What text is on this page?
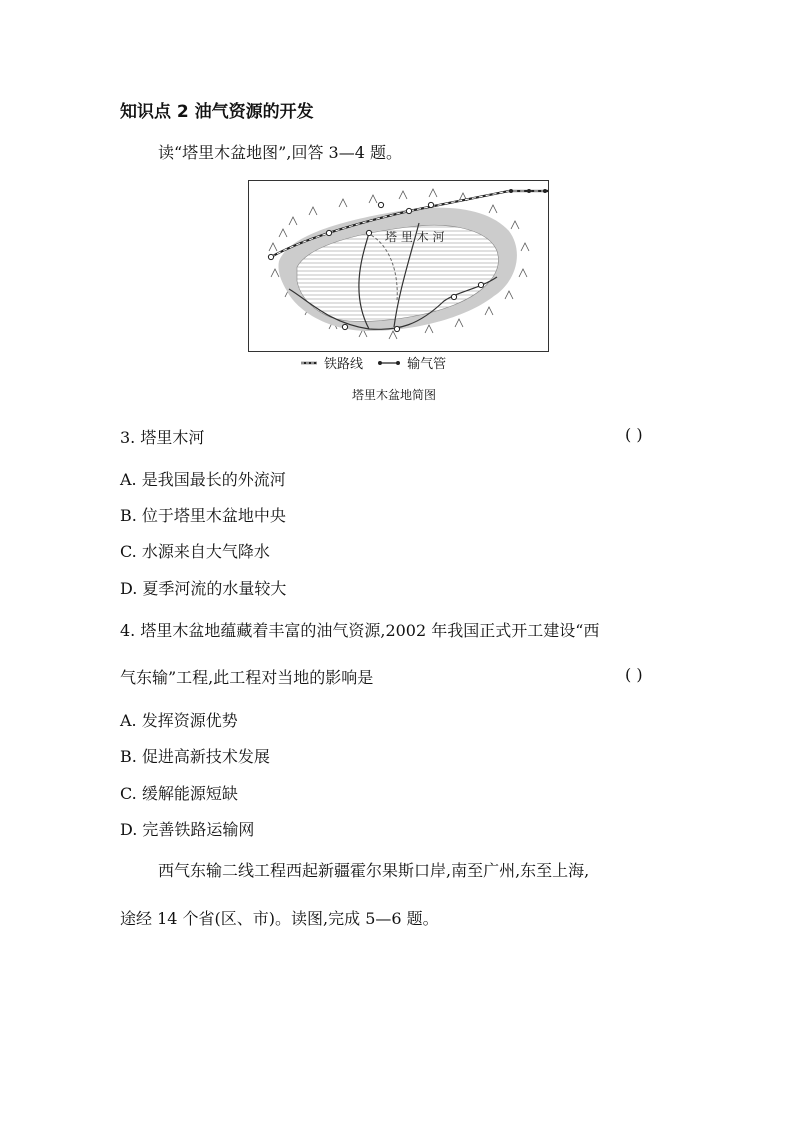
知识点 2 油气资源的开发
读“塔里木盆地图”,回答 3—4 题。
塔 里 木 河
铁路线
	输气管
塔里木盆地简图
3. 塔里木河	( )
A. 是我国最长的外流河
B. 位于塔里木盆地中央
C. 水源来自大气降水
D. 夏季河流的水量较大
4. 塔里木盆地蕴藏着丰富的油气资源,2002 年我国正式开工建设“西
气东输”工程,此工程对当地的影响是	( )
A. 发挥资源优势
B. 促进高新技术发展
C. 缓解能源短缺
D. 完善铁路运输网
西气东输二线工程西起新疆霍尔果斯口岸,南至广州,东至上海,
途经 14 个省(区、市)。读图,完成 5—6 题。
